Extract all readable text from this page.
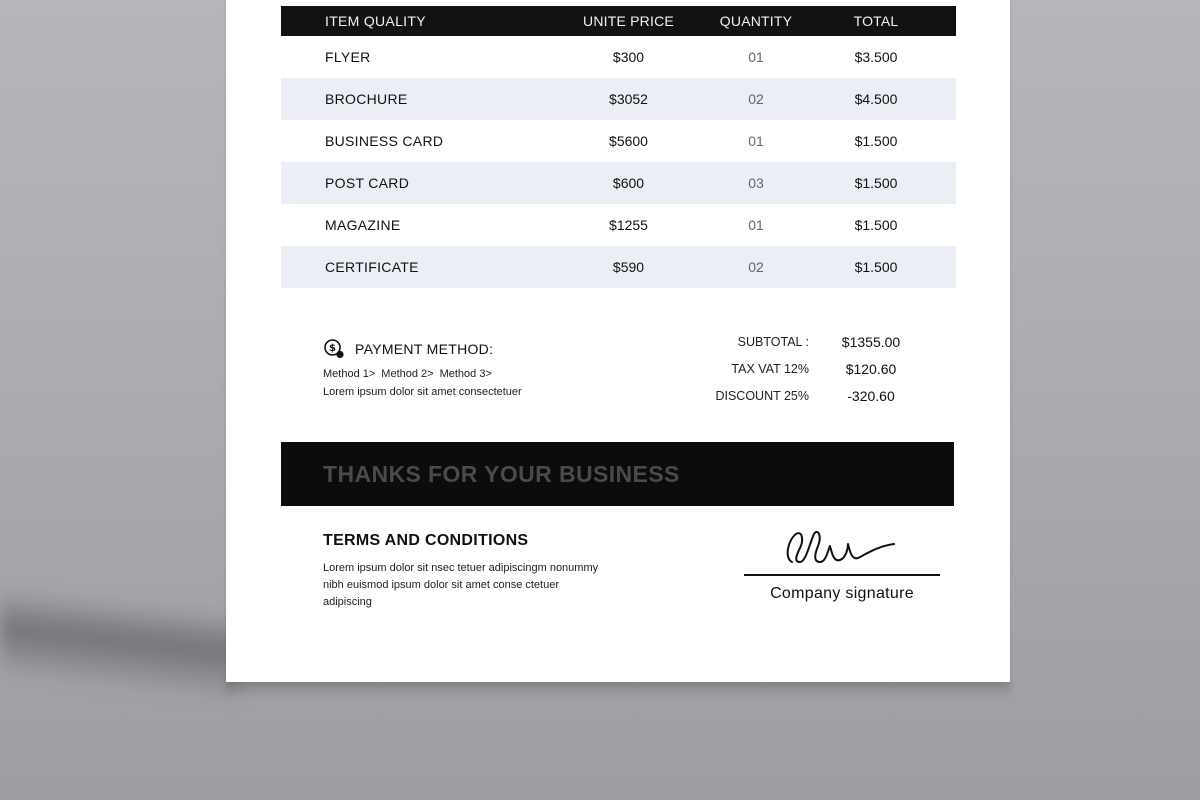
ITEM QUALITY	UNITE PRICE	QUANTITY	TOTAL
FLYER	$300	01	$3.500
BROCHURE	$3052	02	$4.500
BUSINESS CARD	$5600	01	$1.500
POST CARD	$600	03	$1.500
MAGAZINE	$1255	01	$1.500
CERTIFICATE	$590	02	$1.500
$ PAYMENT METHOD:
Method 1> Method 2> Method 3>
Lorem ipsum dolor sit amet consectetuer
SUBTOTAL :	$1355.00
TAX VAT 12%	$120.60
DISCOUNT 25%	-320.60
THANKS FOR YOUR BUSINESS
TERMS AND CONDITIONS
Lorem ipsum dolor sit nsec tetuer adipiscingm nonummy nibh euismod ipsum dolor sit amet conse ctetuer adipiscing	Company signature
